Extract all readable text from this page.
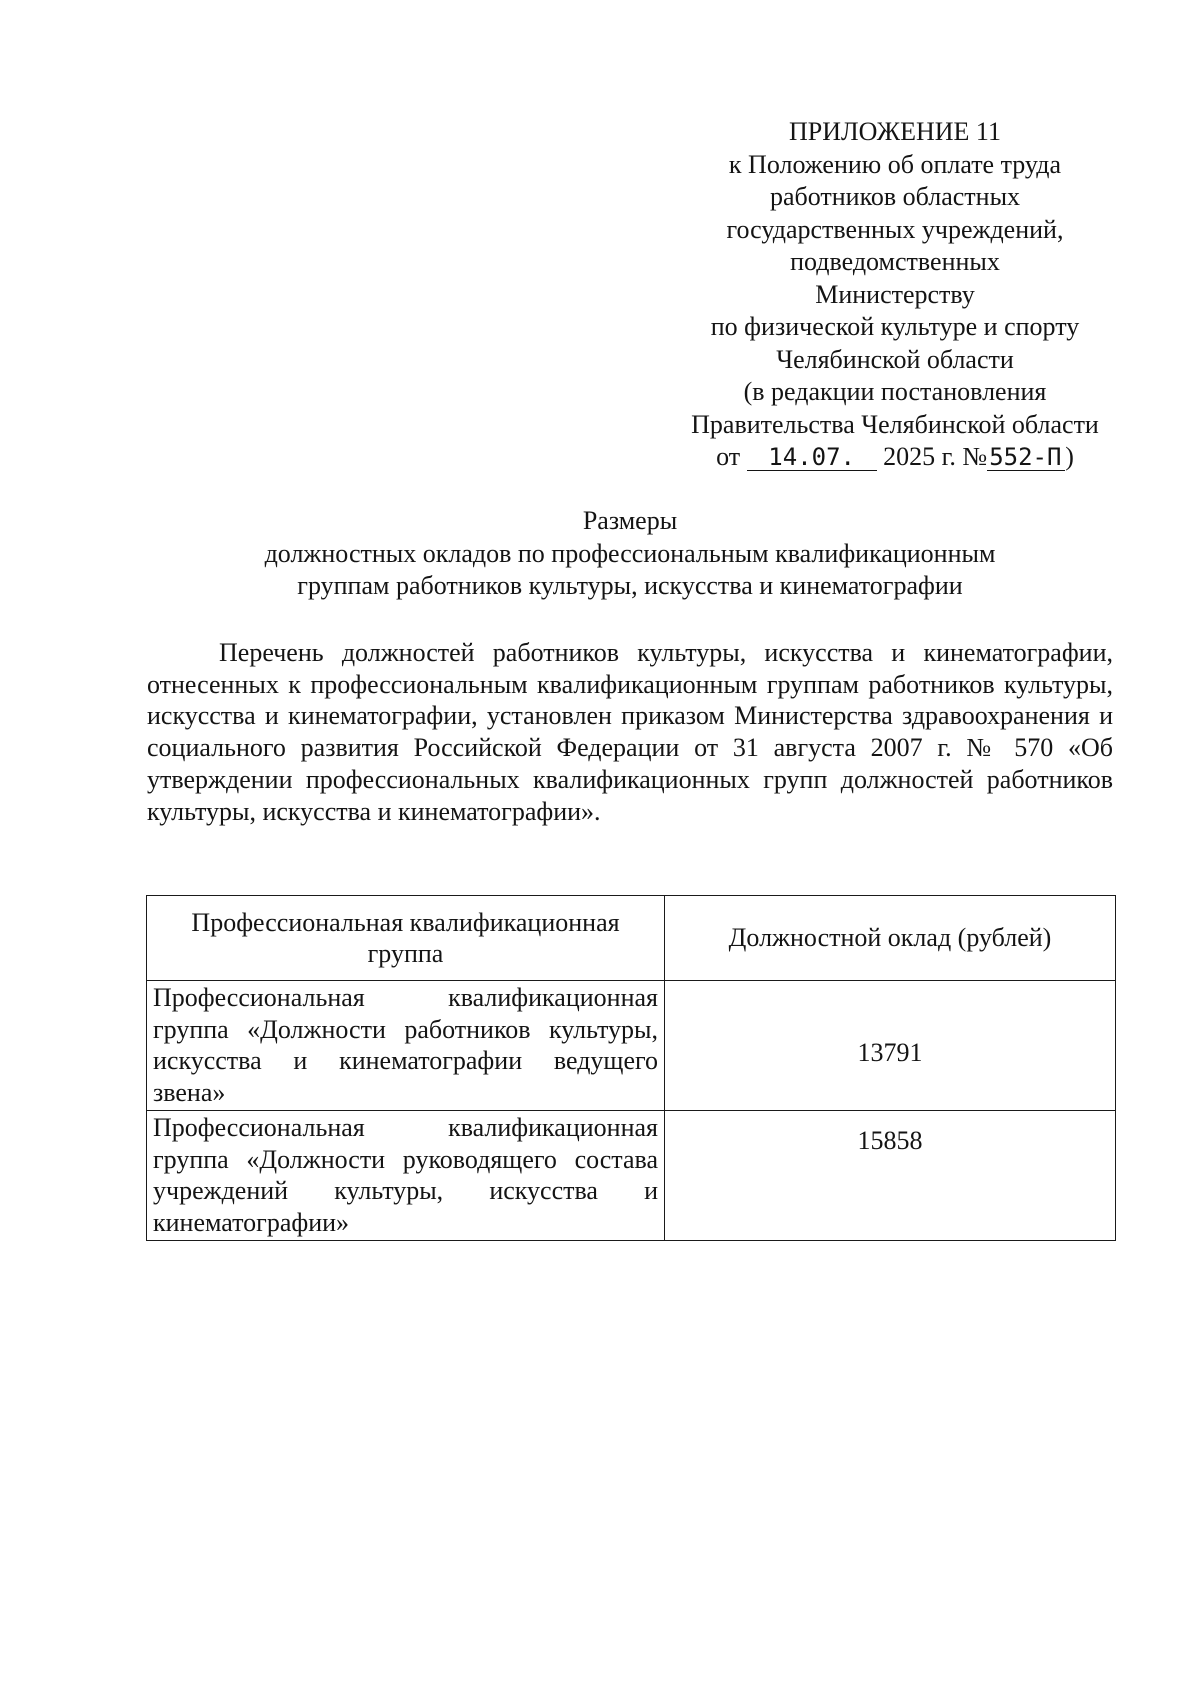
ПРИЛОЖЕНИЕ 11
к Положению об оплате труда
работников областных
государственных учреждений,
подведомственных
Министерству
по физической культуре и спорту
Челябинской области
(в редакции постановления
Правительства Челябинской области
от 14.07. 2025 г. №552-П )
Размеры
должностных окладов по профессиональным квалификационным
группам работников культуры, искусства и кинематографии

Перечень должностей работников культуры, искусства и кинематографии, отнесенных к профессиональным квалификационным группам работников культуры, искусства и кинематографии, установлен приказом Министерства здравоохранения и социального развития Российской Федерации от 31 августа 2007 г. № 570 «Об утверждении профессиональных квалификационных групп должностей работников культуры, искусства и кинематографии».

Профессиональная квалификационная группа	Должностной оклад (рублей)
Профессиональная квалификационная группа «Должности работников культуры, искусства и кинематографии ведущего звена»	13791
Профессиональная квалификационная группа «Должности руководящего состава учреждений культуры, искусства и кинематографии»	15858
